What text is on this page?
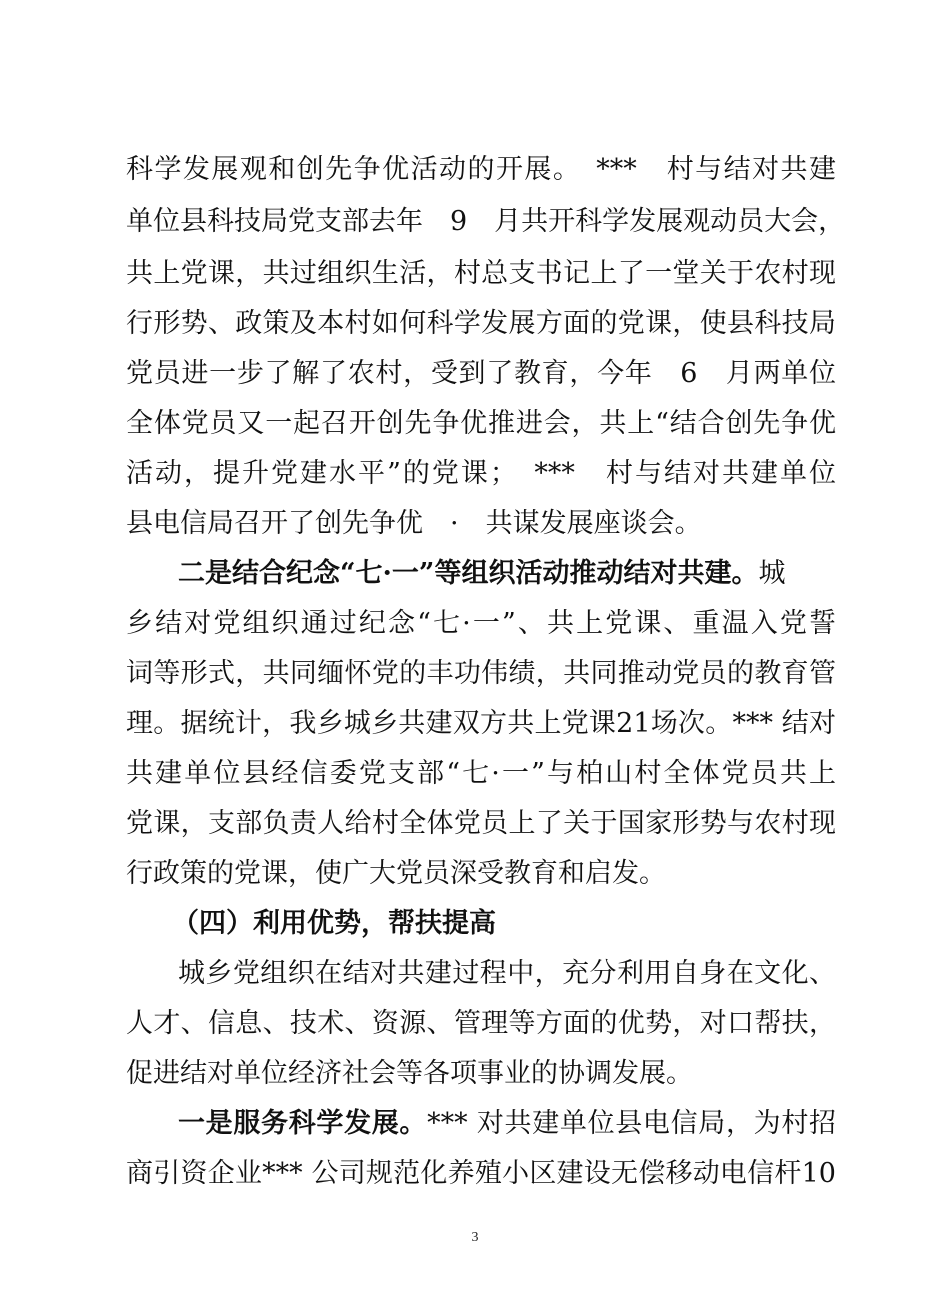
科学发展观和创先争优活动的开展。　***　村与结对共建
单位县科技局党支部去年　9　月共开科学发展观动员大会，
共上党课，共过组织生活，村总支书记上了一堂关于农村现
行形势、政策及本村如何科学发展方面的党课，使县科技局
党员进一步了解了农村，受到了教育，今年　6　月两单位
全体党员又一起召开创先争优推进会，共上“结合创先争优
活动，提升党建水平”的党课；　***　村与结对共建单位
县电信局召开了创先争优　·　共谋发展座谈会。
二是结合纪念“七·一”等组织活动推动结对共建。城
乡结对党组织通过纪念“七·一”、共上党课、重温入党誓
词等形式，共同缅怀党的丰功伟绩，共同推动党员的教育管
理。据统计，我乡城乡共建双方共上党课21场次。*** 结对
共建单位县经信委党支部“七·一”与柏山村全体党员共上
党课，支部负责人给村全体党员上了关于国家形势与农村现
行政策的党课，使广大党员深受教育和启发。
（四）利用优势，帮扶提高
城乡党组织在结对共建过程中，充分利用自身在文化、
人才、信息、技术、资源、管理等方面的优势，对口帮扶，
促进结对单位经济社会等各项事业的协调发展。
一是服务科学发展。*** 对共建单位县电信局，为村招
商引资企业*** 公司规范化养殖小区建设无偿移动电信杆10
3
